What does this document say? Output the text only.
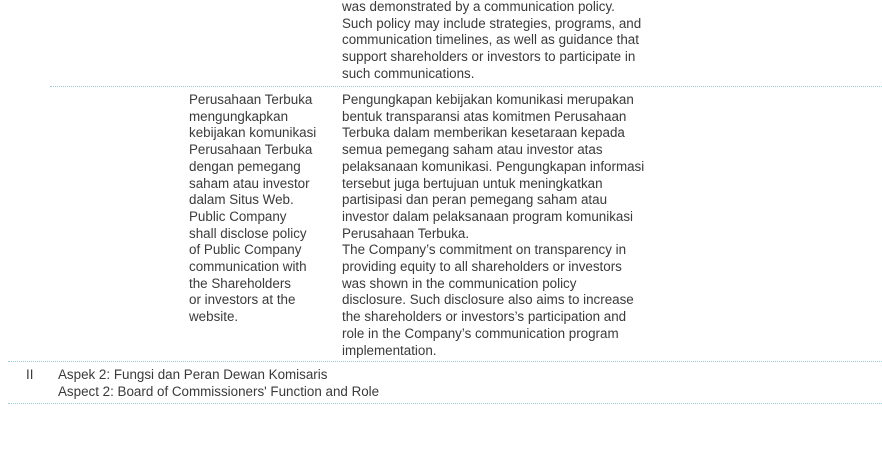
was demonstrated by a communication policy.

Such policy may include strategies, programs, and

communication timelines, as well as guidance that

support shareholders or investors to participate in

such communications.

Perusahaan Terbuka

mengungkapkan

kebijakan komunikasi

Perusahaan Terbuka

dengan pemegang

saham atau investor

dalam Situs Web.

Public Company

shall disclose policy

of Public Company

communication with

the Shareholders

or investors at the

website.

Pengungkapan kebijakan komunikasi merupakan

bentuk transparansi atas komitmen Perusahaan

Terbuka dalam memberikan kesetaraan kepada

semua pemegang saham atau investor atas

pelaksanaan komunikasi. Pengungkapan informasi

tersebut juga bertujuan untuk meningkatkan

partisipasi dan peran pemegang saham atau

investor dalam pelaksanaan program komunikasi

Perusahaan Terbuka.

The Company’s commitment on transparency in

providing equity to all shareholders or investors

was shown in the communication policy

disclosure. Such disclosure also aims to increase

the shareholders or investors’s participation and

role in the Company’s communication program

implementation.

II Aspek 2: Fungsi dan Peran Dewan Komisaris

Aspect 2: Board of Commissioners' Function and Role
